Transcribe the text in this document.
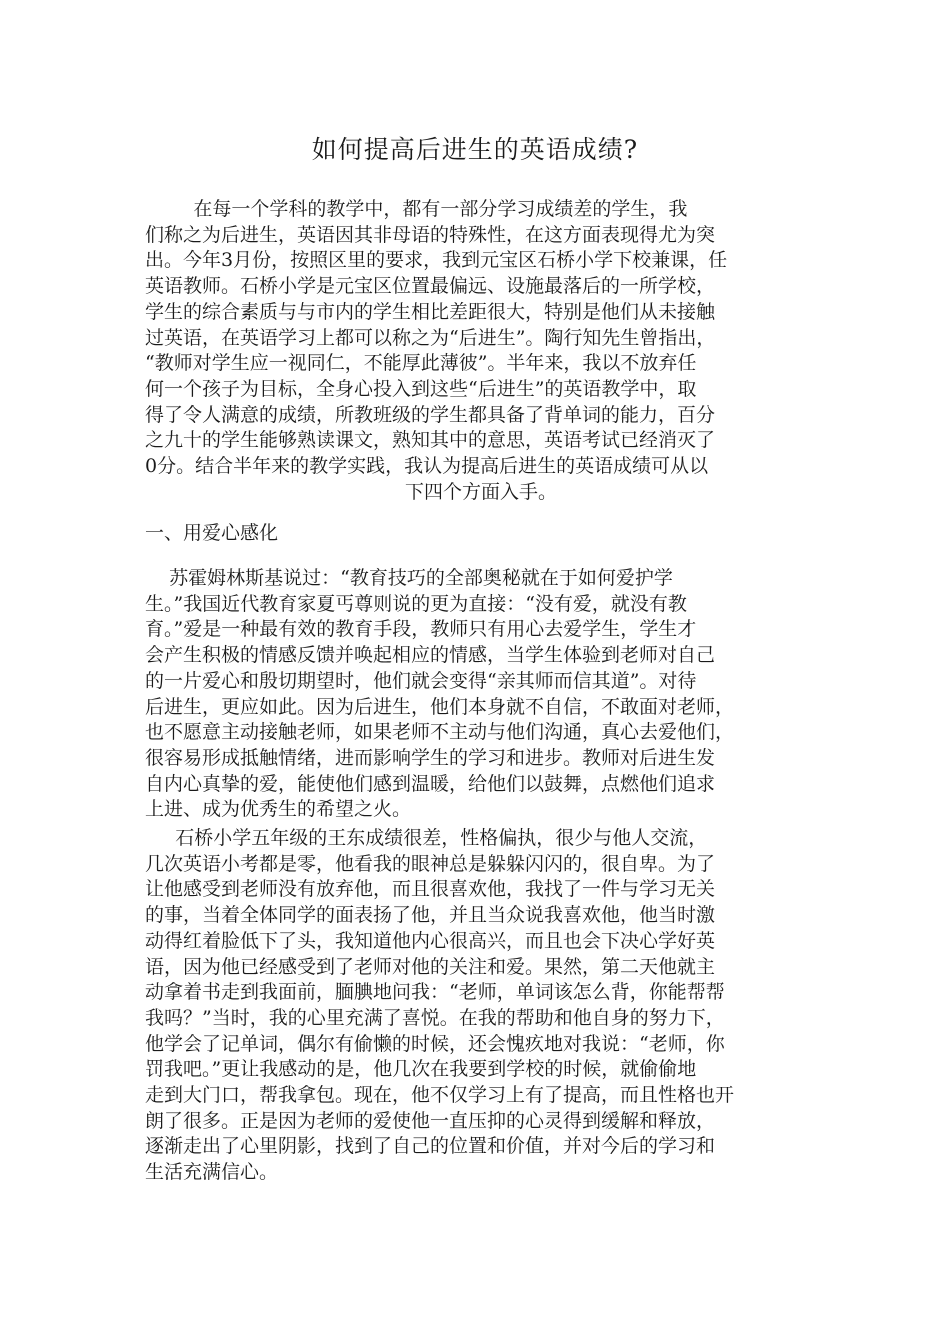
如何提高后进生的英语成绩?
在每一个学科的教学中，都有一部分学习成绩差的学生，我
们称之为后进生，英语因其非母语的特殊性，在这方面表现得尤为突
出。今年3月份，按照区里的要求，我到元宝区石桥小学下校兼课，任
英语教师。石桥小学是元宝区位置最偏远、设施最落后的一所学校，
学生的综合素质与与市内的学生相比差距很大，特别是他们从未接触
过英语，在英语学习上都可以称之为“后进生”。陶行知先生曾指出，
“教师对学生应一视同仁，不能厚此薄彼”。半年来，我以不放弃任
何一个孩子为目标，全身心投入到这些“后进生”的英语教学中，取
得了令人满意的成绩，所教班级的学生都具备了背单词的能力，百分
之九十的学生能够熟读课文，熟知其中的意思，英语考试已经消灭了
0分。结合半年来的教学实践，我认为提高后进生的英语成绩可从以
下四个方面入手。
一、用爱心感化
苏霍姆林斯基说过：“教育技巧的全部奥秘就在于如何爱护学
生。”我国近代教育家夏丐尊则说的更为直接：“没有爱，就没有教
育。”爱是一种最有效的教育手段，教师只有用心去爱学生，学生才
会产生积极的情感反馈并唤起相应的情感，当学生体验到老师对自己
的一片爱心和殷切期望时，他们就会变得“亲其师而信其道”。对待
后进生，更应如此。因为后进生，他们本身就不自信，不敢面对老师，
也不愿意主动接触老师，如果老师不主动与他们沟通，真心去爱他们，
很容易形成抵触情绪，进而影响学生的学习和进步。教师对后进生发
自内心真挚的爱，能使他们感到温暖，给他们以鼓舞，点燃他们追求
上进、成为优秀生的希望之火。
石桥小学五年级的王东成绩很差，性格偏执，很少与他人交流，
几次英语小考都是零，他看我的眼神总是躲躲闪闪的，很自卑。为了
让他感受到老师没有放弃他，而且很喜欢他，我找了一件与学习无关
的事，当着全体同学的面表扬了他，并且当众说我喜欢他，他当时激
动得红着脸低下了头，我知道他内心很高兴，而且也会下决心学好英
语，因为他已经感受到了老师对他的关注和爱。果然，第二天他就主
动拿着书走到我面前，腼腆地问我：“老师，单词该怎么背，你能帮帮
我吗？”当时，我的心里充满了喜悦。在我的帮助和他自身的努力下，
他学会了记单词，偶尔有偷懒的时候，还会愧疚地对我说：“老师，你
罚我吧。”更让我感动的是，他几次在我要到学校的时候，就偷偷地
走到大门口，帮我拿包。现在，他不仅学习上有了提高，而且性格也开
朗了很多。正是因为老师的爱使他一直压抑的心灵得到缓解和释放，
逐渐走出了心里阴影，找到了自己的位置和价值，并对今后的学习和
生活充满信心。
